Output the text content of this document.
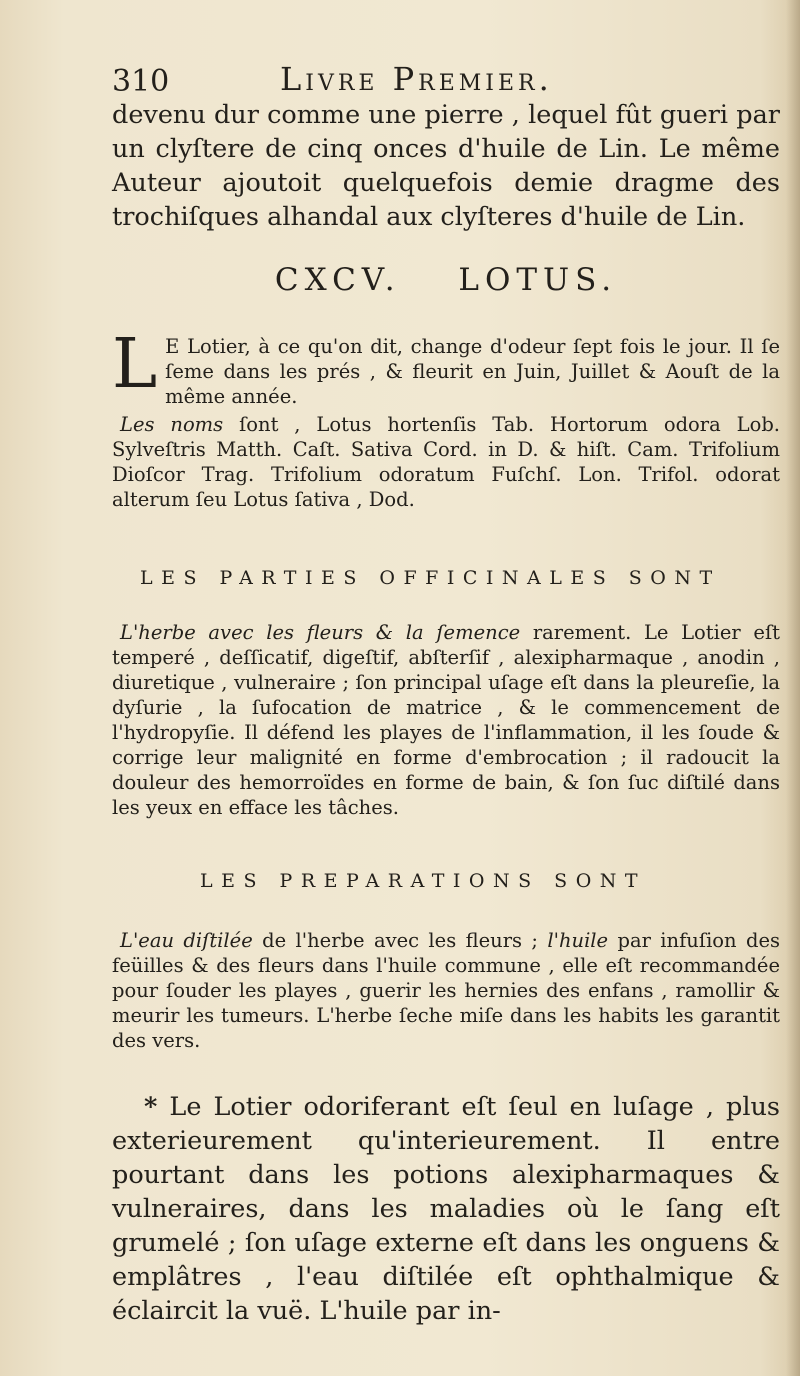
310	Livre Premier.

devenu dur comme une pierre , lequel fût gueri par un clyſtere de cinq onces d'huile de Lin. Le même Auteur ajoutoit quelquefois demie dragme des trochiſques alhandal aux clyſteres d'huile de Lin.

CXCV. LOTUS.

L E Lotier, à ce qu'on dit, change d'odeur ſept fois le jour. Il ſe ſeme dans les prés , & fleurit en Juin, Juillet & Aouſt de la même année.

Les noms ſont , Lotus hortenſis Tab. Hortorum odora Lob. Sylveſtris Matth. Caſt. Sativa Cord. in D. & hiſt. Cam. Trifolium Dioſcor Trag. Trifolium odoratum Fuſchſ. Lon. Trifol. odorat alterum ſeu Lotus ſativa , Dod.

LES PARTIES OFFICINALES SONT

L'herbe avec les fleurs & la ſemence rarement. Le Lotier eſt temperé , deſſicatif, digeſtif, abſterſif , alexipharmaque , anodin , diuretique , vulneraire ; ſon principal uſage eſt dans la pleureſie, la dyſurie , la ſufocation de matrice , & le commencement de l'hydropyſie. Il défend les playes de l'inflammation, il les ſoude & corrige leur malignité en forme d'embrocation ; il radoucit la douleur des hemorroïdes en forme de bain, & ſon ſuc diſtilé dans les yeux en efface les tâches.

LES PREPARATIONS SONT

L'eau diſtilée de l'herbe avec les fleurs ; l'huile par infuſion des feüilles & des fleurs dans l'huile commune , elle eſt recommandée pour ſouder les playes , guerir les hernies des enfans , ramollir & meurir les tumeurs. L'herbe ſeche miſe dans les habits les garantit des vers.

* Le Lotier odoriferant eſt ſeul en luſage , plus exterieurement qu'interieurement. Il entre pourtant dans les potions alexipharmaques & vulneraires, dans les maladies où le ſang eſt grumelé ; ſon uſage externe eſt dans les onguens & emplâtres , l'eau diſtilée eſt ophthalmique & éclaircit la vuë. L'huile par in-
